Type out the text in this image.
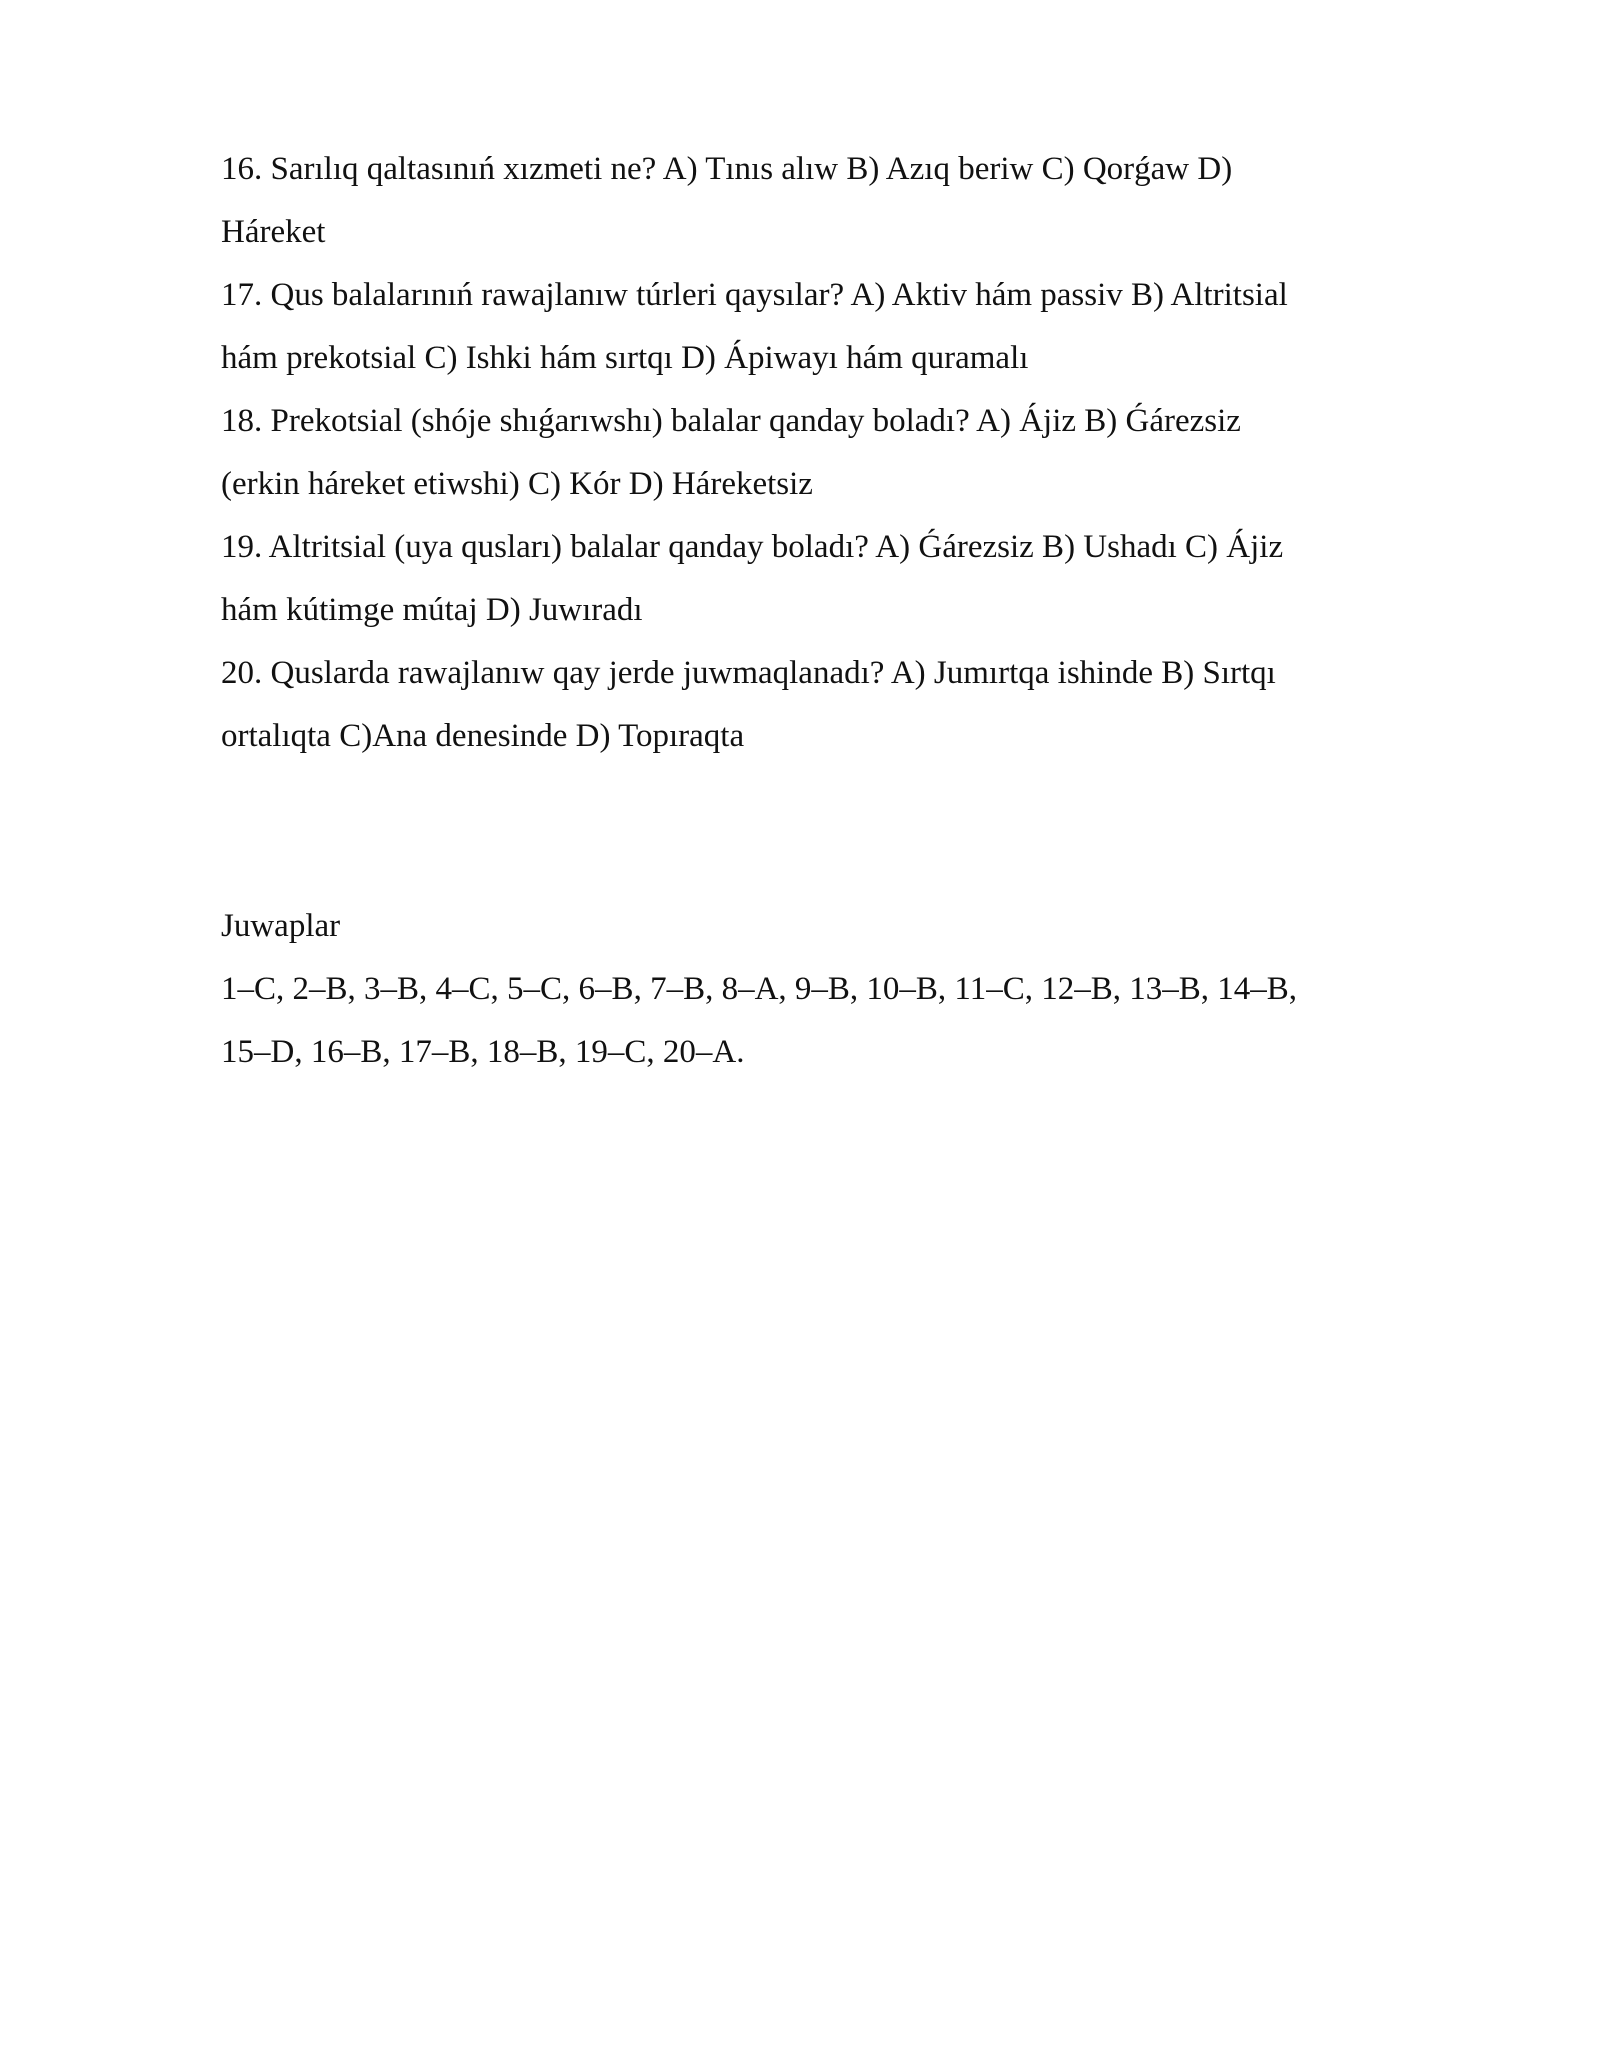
16. Sarılıq qaltasınıń xızmeti ne? A) Tınıs alıw B) Azıq beriw C) Qorǵaw D)
Háreket
17. Qus balalarınıń rawajlanıw túrleri qaysılar? A) Aktiv hám passiv B) Altritsial
hám prekotsial C) Ishki hám sırtqı D) Ápiwayı hám quramalı
18. Prekotsial (shóje shıǵarıwshı) balalar qanday boladı? A) Ájiz B) Ǵárezsiz
(erkin háreket etiwshi) C) Kór D) Háreketsiz
19. Altritsial (uya qusları) balalar qanday boladı? A) Ǵárezsiz B) Ushadı C) Ájiz
hám kútimge mútaj D) Juwıradı
20. Quslarda rawajlanıw qay jerde juwmaqlanadı? A) Jumırtqa ishinde B) Sırtqı
ortalıqta C)Ana denesinde D) Topıraqta
Juwaplar
1–C, 2–B, 3–B, 4–C, 5–C, 6–B, 7–B, 8–A, 9–B, 10–B, 11–C, 12–B, 13–B, 14–B,
15–D, 16–B, 17–B, 18–B, 19–C, 20–A.
